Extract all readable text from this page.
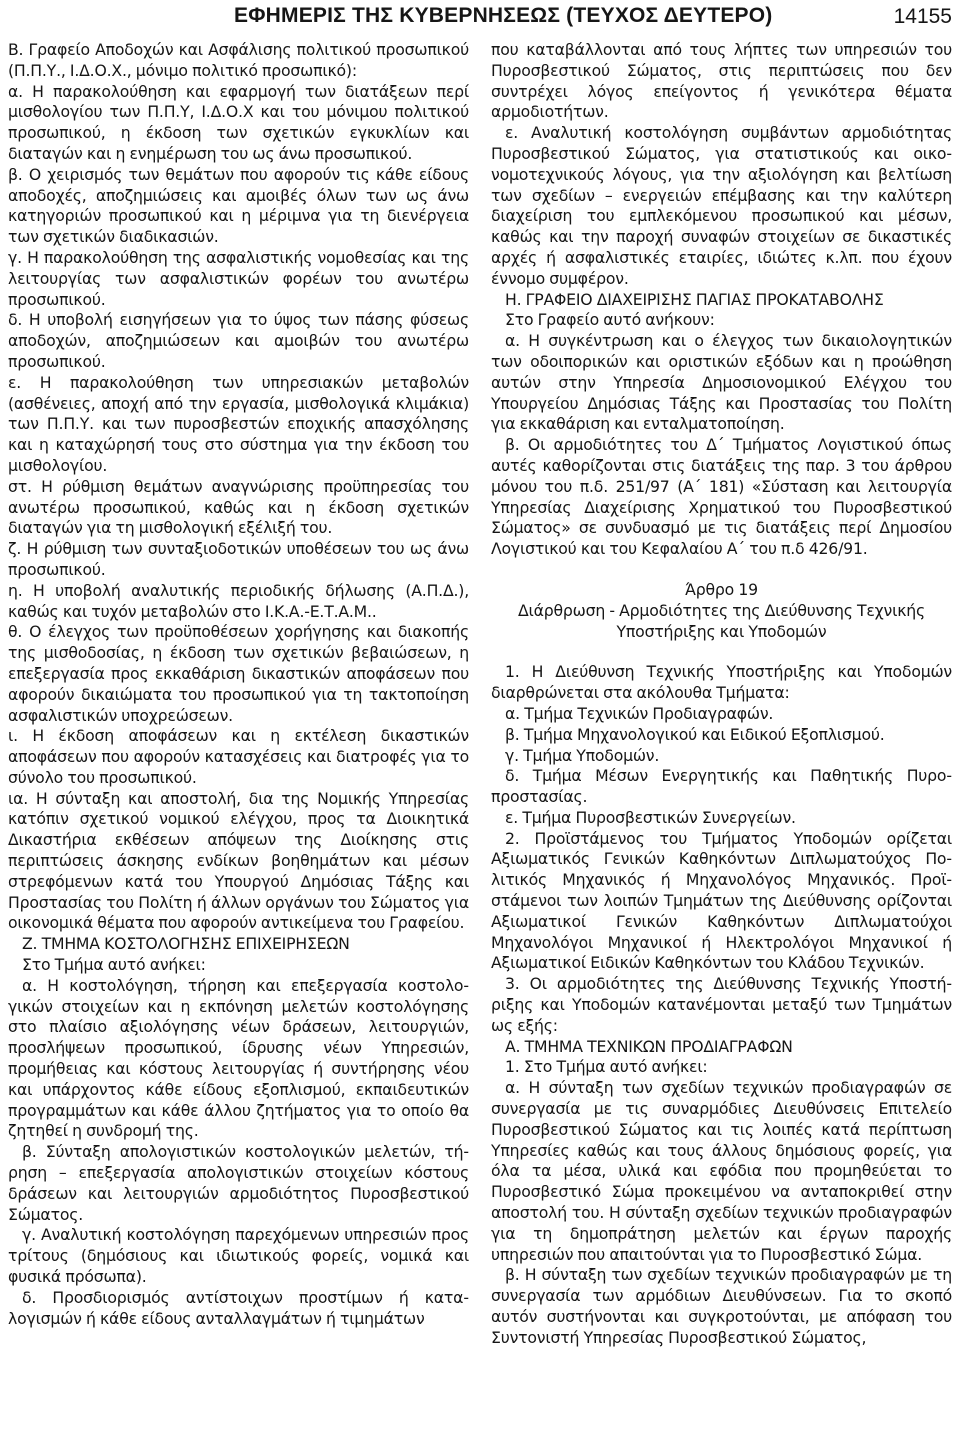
ΕΦΗΜΕΡΙΣ ΤΗΣ ΚΥΒΕΡΝΗΣΕΩΣ (ΤΕΥΧΟΣ ΔΕΥΤΕΡΟ)	14155

Β. Γραφείο Αποδοχών και Ασφάλισης πολιτικού προσωπικού (Π.Π.Υ., Ι.Δ.Ο.Χ., μόνιμο πολιτικό προσωπικό):

α. Η παρακολούθηση και εφαρμογή των διατάξεων περί μισθολογίου των Π.Π.Υ, Ι.Δ.Ο.Χ και του μόνιμου πολιτικού προσωπικού, η έκδοση των σχετικών εγκυκλίων και διαταγών και η ενημέρωση του ως άνω προσωπικού.

β. Ο χειρισμός των θεμάτων που αφορούν τις κάθε είδους αποδοχές, αποζημιώσεις και αμοιβές όλων των ως άνω κατηγοριών προσωπικού και η μέριμνα για τη διενέργεια των σχετικών διαδικασιών.

γ. Η παρακολούθηση της ασφαλιστικής νομοθεσίας και της λειτουργίας των ασφαλιστικών φορέων του ανωτέρω προσωπικού.

δ. Η υποβολή εισηγήσεων για το ύψος των πάσης φύσεως αποδοχών, αποζημιώσεων και αμοιβών του ανωτέρω προσωπικού.

ε. Η παρακολούθηση των υπηρεσιακών μεταβολών (ασθένειες, αποχή από την εργασία, μισθολογικά κλιμάκια) των Π.Π.Υ. και των πυροσβεστών εποχικής απασχόλησης και η καταχώρησή τους στο σύστημα για την έκδοση του μισθολογίου.

στ. Η ρύθμιση θεμάτων αναγνώρισης προϋπηρεσίας του ανωτέρω προσωπικού, καθώς και η έκδοση σχετικών διαταγών για τη μισθολογική εξέλιξή του.

ζ. Η ρύθμιση των συνταξιοδοτικών υποθέσεων του ως άνω προσωπικού.

η. Η υποβολή αναλυτικής περιοδικής δήλωσης (Α.Π.Δ.), καθώς και τυχόν μεταβολών στο Ι.Κ.Α.-Ε.Τ.Α.Μ..

θ. Ο έλεγχος των προϋποθέσεων χορήγησης και διακοπής της μισθοδοσίας, η έκδοση των σχετικών βεβαιώσεων, η επεξεργασία προς εκκαθάριση δικαστικών αποφάσεων που αφορούν δικαιώματα του προσωπικού για τη τακτοποίηση ασφαλιστικών υποχρεώσεων.

ι. Η έκδοση αποφάσεων και η εκτέλεση δικαστικών αποφάσεων που αφορούν κατασχέσεις και διατροφές για το σύνολο του προσωπικού.

ια. Η σύνταξη και αποστολή, δια της Νομικής Υπηρεσίας κατόπιν σχετικού νομικού ελέγχου, προς τα Διοικητικά Δικαστήρια εκθέσεων απόψεων της Διοίκησης στις περιπτώσεις άσκησης ενδίκων βοηθημάτων και μέσων στρεφόμενων κατά του Υπουργού Δημόσιας Τάξης και Προστασίας του Πολίτη ή άλλων οργάνων του Σώματος για οικονομικά θέματα που αφορούν αντικείμενα του Γραφείου.

Ζ. ΤΜΗΜΑ ΚΟΣΤΟΛΟΓΗΣΗΣ ΕΠΙΧΕΙΡΗΣΕΩΝ

Στο Τμήμα αυτό ανήκει:

α. Η κοστολόγηση, τήρηση και επεξεργασία κοστολογικών στοιχείων και η εκπόνηση μελετών κοστολόγησης στο πλαίσιο αξιολόγησης νέων δράσεων, λειτουργιών, προσλήψεων προσωπικού, ίδρυσης νέων Υπηρεσιών, προμήθειας και κόστους λειτουργίας ή συντήρησης νέου και υπάρχοντος κάθε είδους εξοπλισμού, εκπαιδευτικών προγραμμάτων και κάθε άλλου ζητήματος για το οποίο θα ζητηθεί η συνδρομή της.

β. Σύνταξη απολογιστικών κοστολογικών μελετών, τήρηση – επεξεργασία απολογιστικών στοιχείων κόστους δράσεων και λειτουργιών αρμοδιότητος Πυροσβεστικού Σώματος.

γ. Αναλυτική κοστολόγηση παρεχόμενων υπηρεσιών προς τρίτους (δημόσιους και ιδιωτικούς φορείς, νομικά και φυσικά πρόσωπα).

δ. Προσδιορισμός αντίστοιχων προστίμων ή καταλογισμών ή κάθε είδους ανταλλαγμάτων ή τιμημάτων

που καταβάλλονται από τους λήπτες των υπηρεσιών του Πυροσβεστικού Σώματος, στις περιπτώσεις που δεν συντρέχει λόγος επείγοντος ή γενικότερα θέματα αρμοδιοτήτων.

ε. Αναλυτική κοστολόγηση συμβάντων αρμοδιότητας Πυροσβεστικού Σώματος, για στατιστικούς και οικονομοτεχνικούς λόγους, για την αξιολόγηση και βελτίωση των σχεδίων – ενεργειών επέμβασης και την καλύτερη διαχείριση του εμπλεκόμενου προσωπικού και μέσων, καθώς και την παροχή συναφών στοιχείων σε δικαστικές αρχές ή ασφαλιστικές εταιρίες, ιδιώτες κ.λπ. που έχουν έννομο συμφέρον.

Η. ΓΡΑΦΕΙΟ ΔΙΑΧΕΙΡΙΣΗΣ ΠΑΓΙΑΣ ΠΡΟΚΑΤΑΒΟΛΗΣ

Στο Γραφείο αυτό ανήκουν:

α. Η συγκέντρωση και ο έλεγχος των δικαιολογητικών των οδοιπορικών και οριστικών εξόδων και η προώθηση αυτών στην Υπηρεσία Δημοσιονομικού Ελέγχου του Υπουργείου Δημόσιας Τάξης και Προστασίας του Πολίτη για εκκαθάριση και ενταλματοποίηση.

β. Οι αρμοδιότητες του Δ΄ Τμήματος Λογιστικού όπως αυτές καθορίζονται στις διατάξεις της παρ. 3 του άρθρου μόνου του π.δ. 251/97 (Α΄ 181) «Σύσταση και λειτουργία Υπηρεσίας Διαχείρισης Χρηματικού του Πυροσβεστικού Σώματος» σε συνδυασμό με τις διατάξεις περί Δημοσίου Λογιστικού και του Κεφαλαίου Α΄ του π.δ 426/91.

Άρθρο 19

Διάρθρωση - Αρμοδιότητες της Διεύθυνσης Τεχνικής Υποστήριξης και Υποδομών

1. Η Διεύθυνση Τεχνικής Υποστήριξης και Υποδομών διαρθρώνεται στα ακόλουθα Τμήματα:

α. Τμήμα Τεχνικών Προδιαγραφών.

β. Τμήμα Μηχανολογικού και Ειδικού Εξοπλισμού.

γ. Τμήμα Υποδομών.

δ. Τμήμα Μέσων Ενεργητικής και Παθητικής Πυροπροστασίας.

ε. Τμήμα Πυροσβεστικών Συνεργείων.

2. Προϊστάμενος του Τμήματος Υποδομών ορίζεται Αξιωματικός Γενικών Καθηκόντων Διπλωματούχος Πολιτικός Μηχανικός ή Μηχανολόγος Μηχανικός. Προϊστάμενοι των λοιπών Τμημάτων της Διεύθυνσης ορίζονται Αξιωματικοί Γενικών Καθηκόντων Διπλωματούχοι Μηχανολόγοι Μηχανικοί ή Ηλεκτρολόγοι Μηχανικοί ή Αξιωματικοί Ειδικών Καθηκόντων του Κλάδου Τεχνικών.

3. Οι αρμοδιότητες της Διεύθυνσης Τεχνικής Υποστήριξης και Υποδομών κατανέμονται μεταξύ των Τμημάτων ως εξής:

Α. ΤΜΗΜΑ ΤΕΧΝΙΚΩΝ ΠΡΟΔΙΑΓΡΑΦΩΝ

1. Στο Τμήμα αυτό ανήκει:

α. Η σύνταξη των σχεδίων τεχνικών προδιαγραφών σε συνεργασία με τις συναρμόδιες Διευθύνσεις Επιτελείο Πυροσβεστικού Σώματος και τις λοιπές κατά περίπτωση Υπηρεσίες καθώς και τους άλλους δημόσιους φορείς, για όλα τα μέσα, υλικά και εφόδια που προμηθεύεται το Πυροσβεστικό Σώμα προκειμένου να ανταποκριθεί στην αποστολή του. Η σύνταξη σχεδίων τεχνικών προδιαγραφών για τη δημοπράτηση μελετών και έργων παροχής υπηρεσιών που απαιτούνται για το Πυροσβεστικό Σώμα.

β. Η σύνταξη των σχεδίων τεχνικών προδιαγραφών με τη συνεργασία των αρμόδιων Διευθύνσεων. Για το σκοπό αυτόν συστήνονται και συγκροτούνται, με απόφαση του Συντονιστή Υπηρεσίας Πυροσβεστικού Σώματος,
